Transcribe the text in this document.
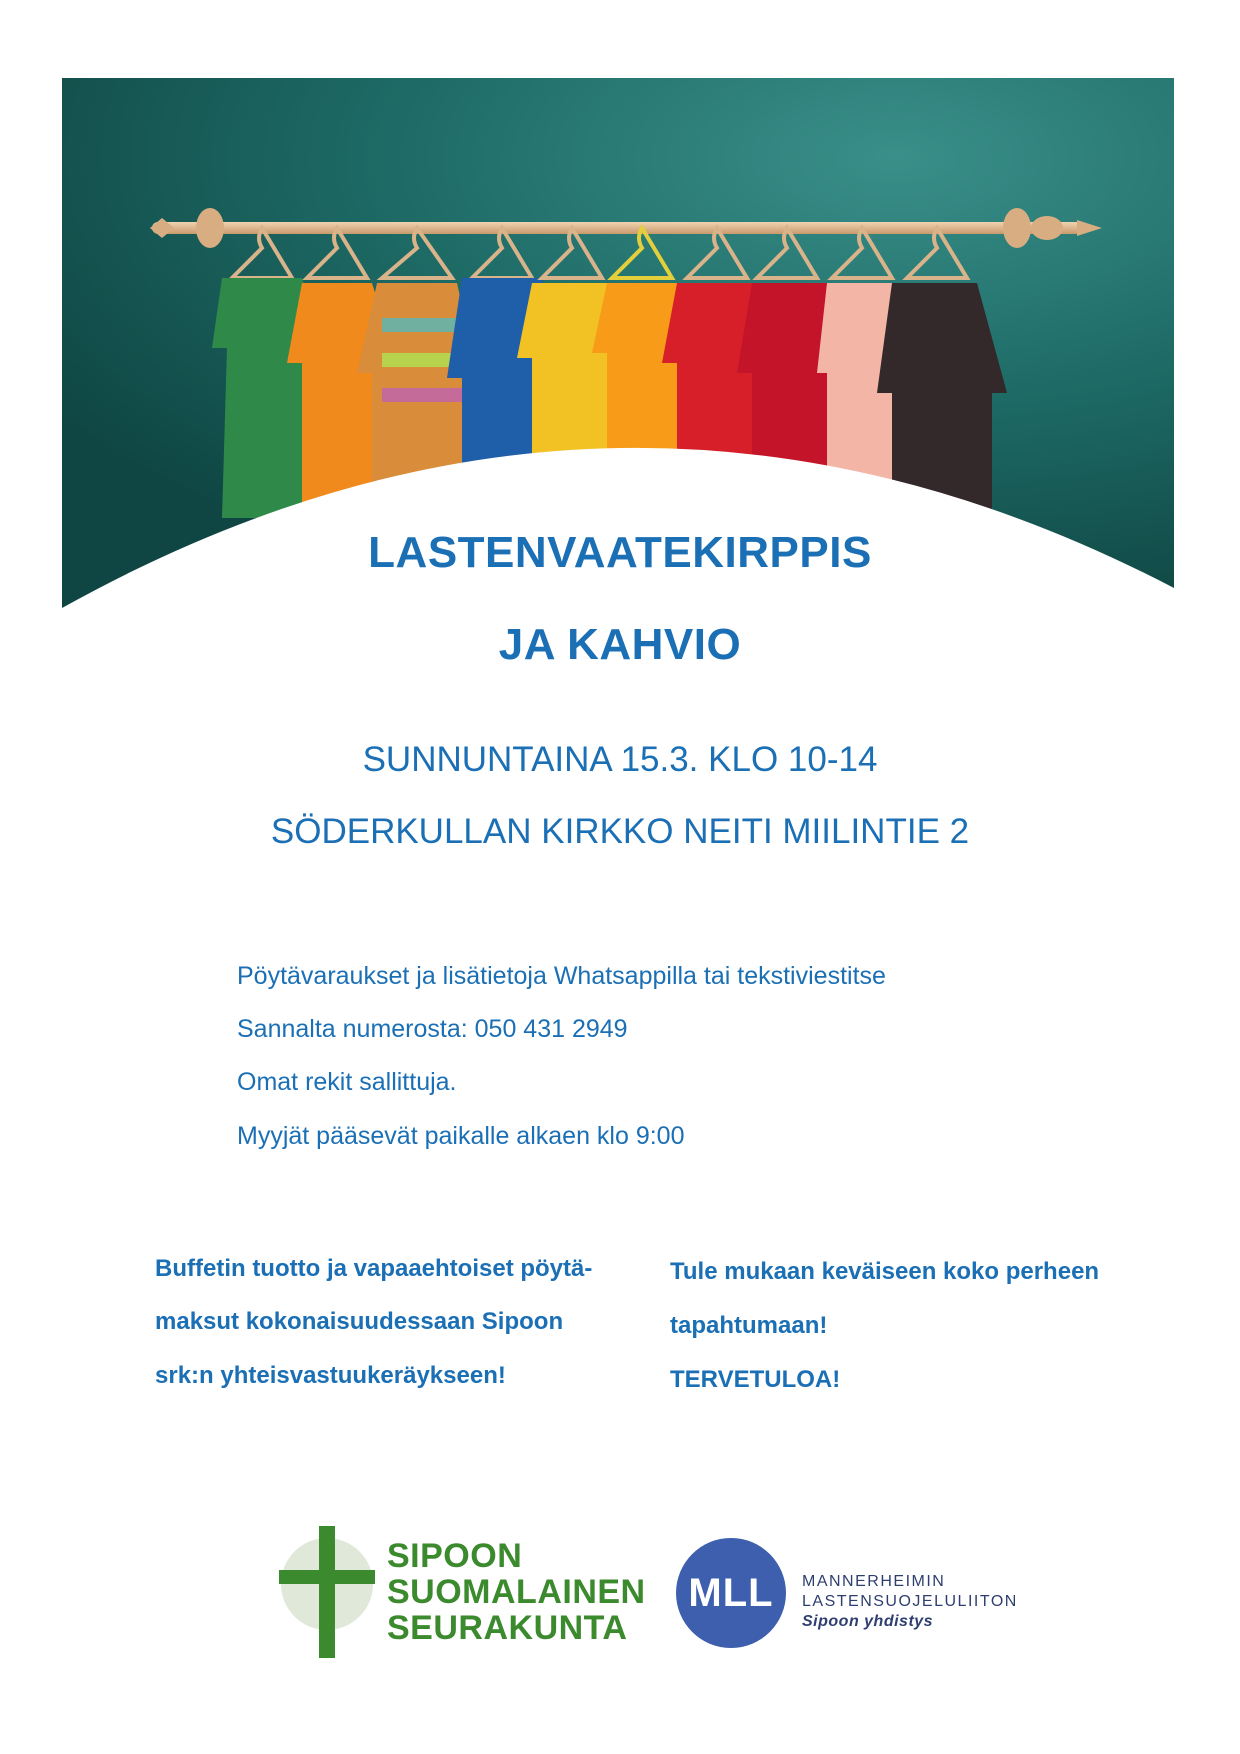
LASTENVAATEKIRPPIS
JA KAHVIO

SUNNUNTAINA 15.3. KLO 10-14

SÖDERKULLAN KIRKKO NEITI MIILINTIE 2

Pöytävaraukset ja lisätietoja Whatsappilla tai tekstiviestitse

Sannalta numerosta: 050 431 2949

Omat rekit sallittuja.

Myyjät pääsevät paikalle alkaen klo 9:00

Buffetin tuotto ja vapaaehtoiset pöytä-

maksut kokonaisuudessaan Sipoon

srk:n yhteisvastuukeräykseen!

Tule mukaan keväiseen koko perheen

tapahtumaan!

TERVETULOA!

SIPOON
SUOMALAINEN
SEURAKUNTA
MLL	MANNERHEIMIN
LASTENSUOJELULIITON
Sipoon yhdistys
